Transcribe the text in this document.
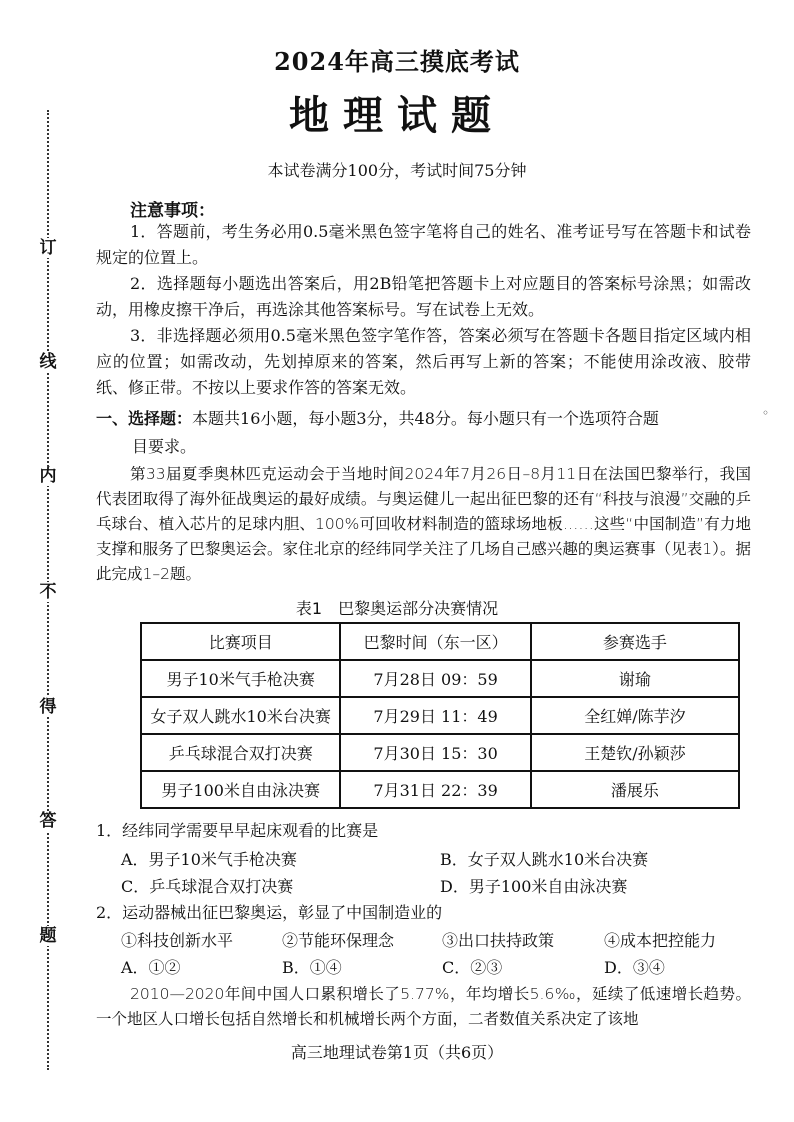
订
线
内
不
得
答
题
2024年高三摸底考试
地理试题
本试卷满分100分，考试时间75分钟
注意事项：

1．答题前，考生务必用0.5毫米黑色签字笔将自己的姓名、准考证号写在答题卡和试卷规定的位置上。

2．选择题每小题选出答案后，用2B铅笔把答题卡上对应题目的答案标号涂黑；如需改动，用橡皮擦干净后，再选涂其他答案标号。写在试卷上无效。

3．非选择题必须用0.5毫米黑色签字笔作答，答案必须写在答题卡各题目指定区域内相应的位置；如需改动，先划掉原来的答案，然后再写上新的答案；不能使用涂改液、胶带纸、修正带。不按以上要求作答的答案无效。

一、选择题：本题共16小题，每小题3分，共48分。每小题只有一个选项符合题
目要求。

第33届夏季奥林匹克运动会于当地时间2024年7月26日–8月11日在法国巴黎举行，我国代表团取得了海外征战奥运的最好成绩。与奥运健儿一起出征巴黎的还有“科技与浪漫”交融的乒乓球台、植入芯片的足球内胆、100%可回收材料制造的篮球场地板……这些“中国制造”有力地支撑和服务了巴黎奥运会。家住北京的经纬同学关注了几场自己感兴趣的奥运赛事（见表1）。据此完成1–2题。

表1　巴黎奥运部分决赛情况
比赛项目	巴黎时间（东一区）	参赛选手
男子10米气手枪决赛	7月28日 09：59	谢瑜
女子双人跳水10米台决赛	7月29日 11：49	全红婵/陈芋汐
乒乓球混合双打决赛	7月30日 15：30	王楚钦/孙颖莎
男子100米自由泳决赛	7月31日 22：39	潘展乐
1．经纬同学需要早早起床观看的比赛是
A．男子10米气手枪决赛	B．女子双人跳水10米台决赛
C．乒乓球混合双打决赛	D．男子100米自由泳决赛
2．运动器械出征巴黎奥运，彰显了中国制造业的
①科技创新水平	②节能环保理念	③出口扶持政策	④成本把控能力
A．①②	B．①④	C．②③	D．③④

2010—2020年间中国人口累积增长了5.77%，年均增长5.6‰，延续了低速增长趋势。一个地区人口增长包括自然增长和机械增长两个方面，二者数值关系决定了该地

高三地理试卷第1页（共6页）
◦
